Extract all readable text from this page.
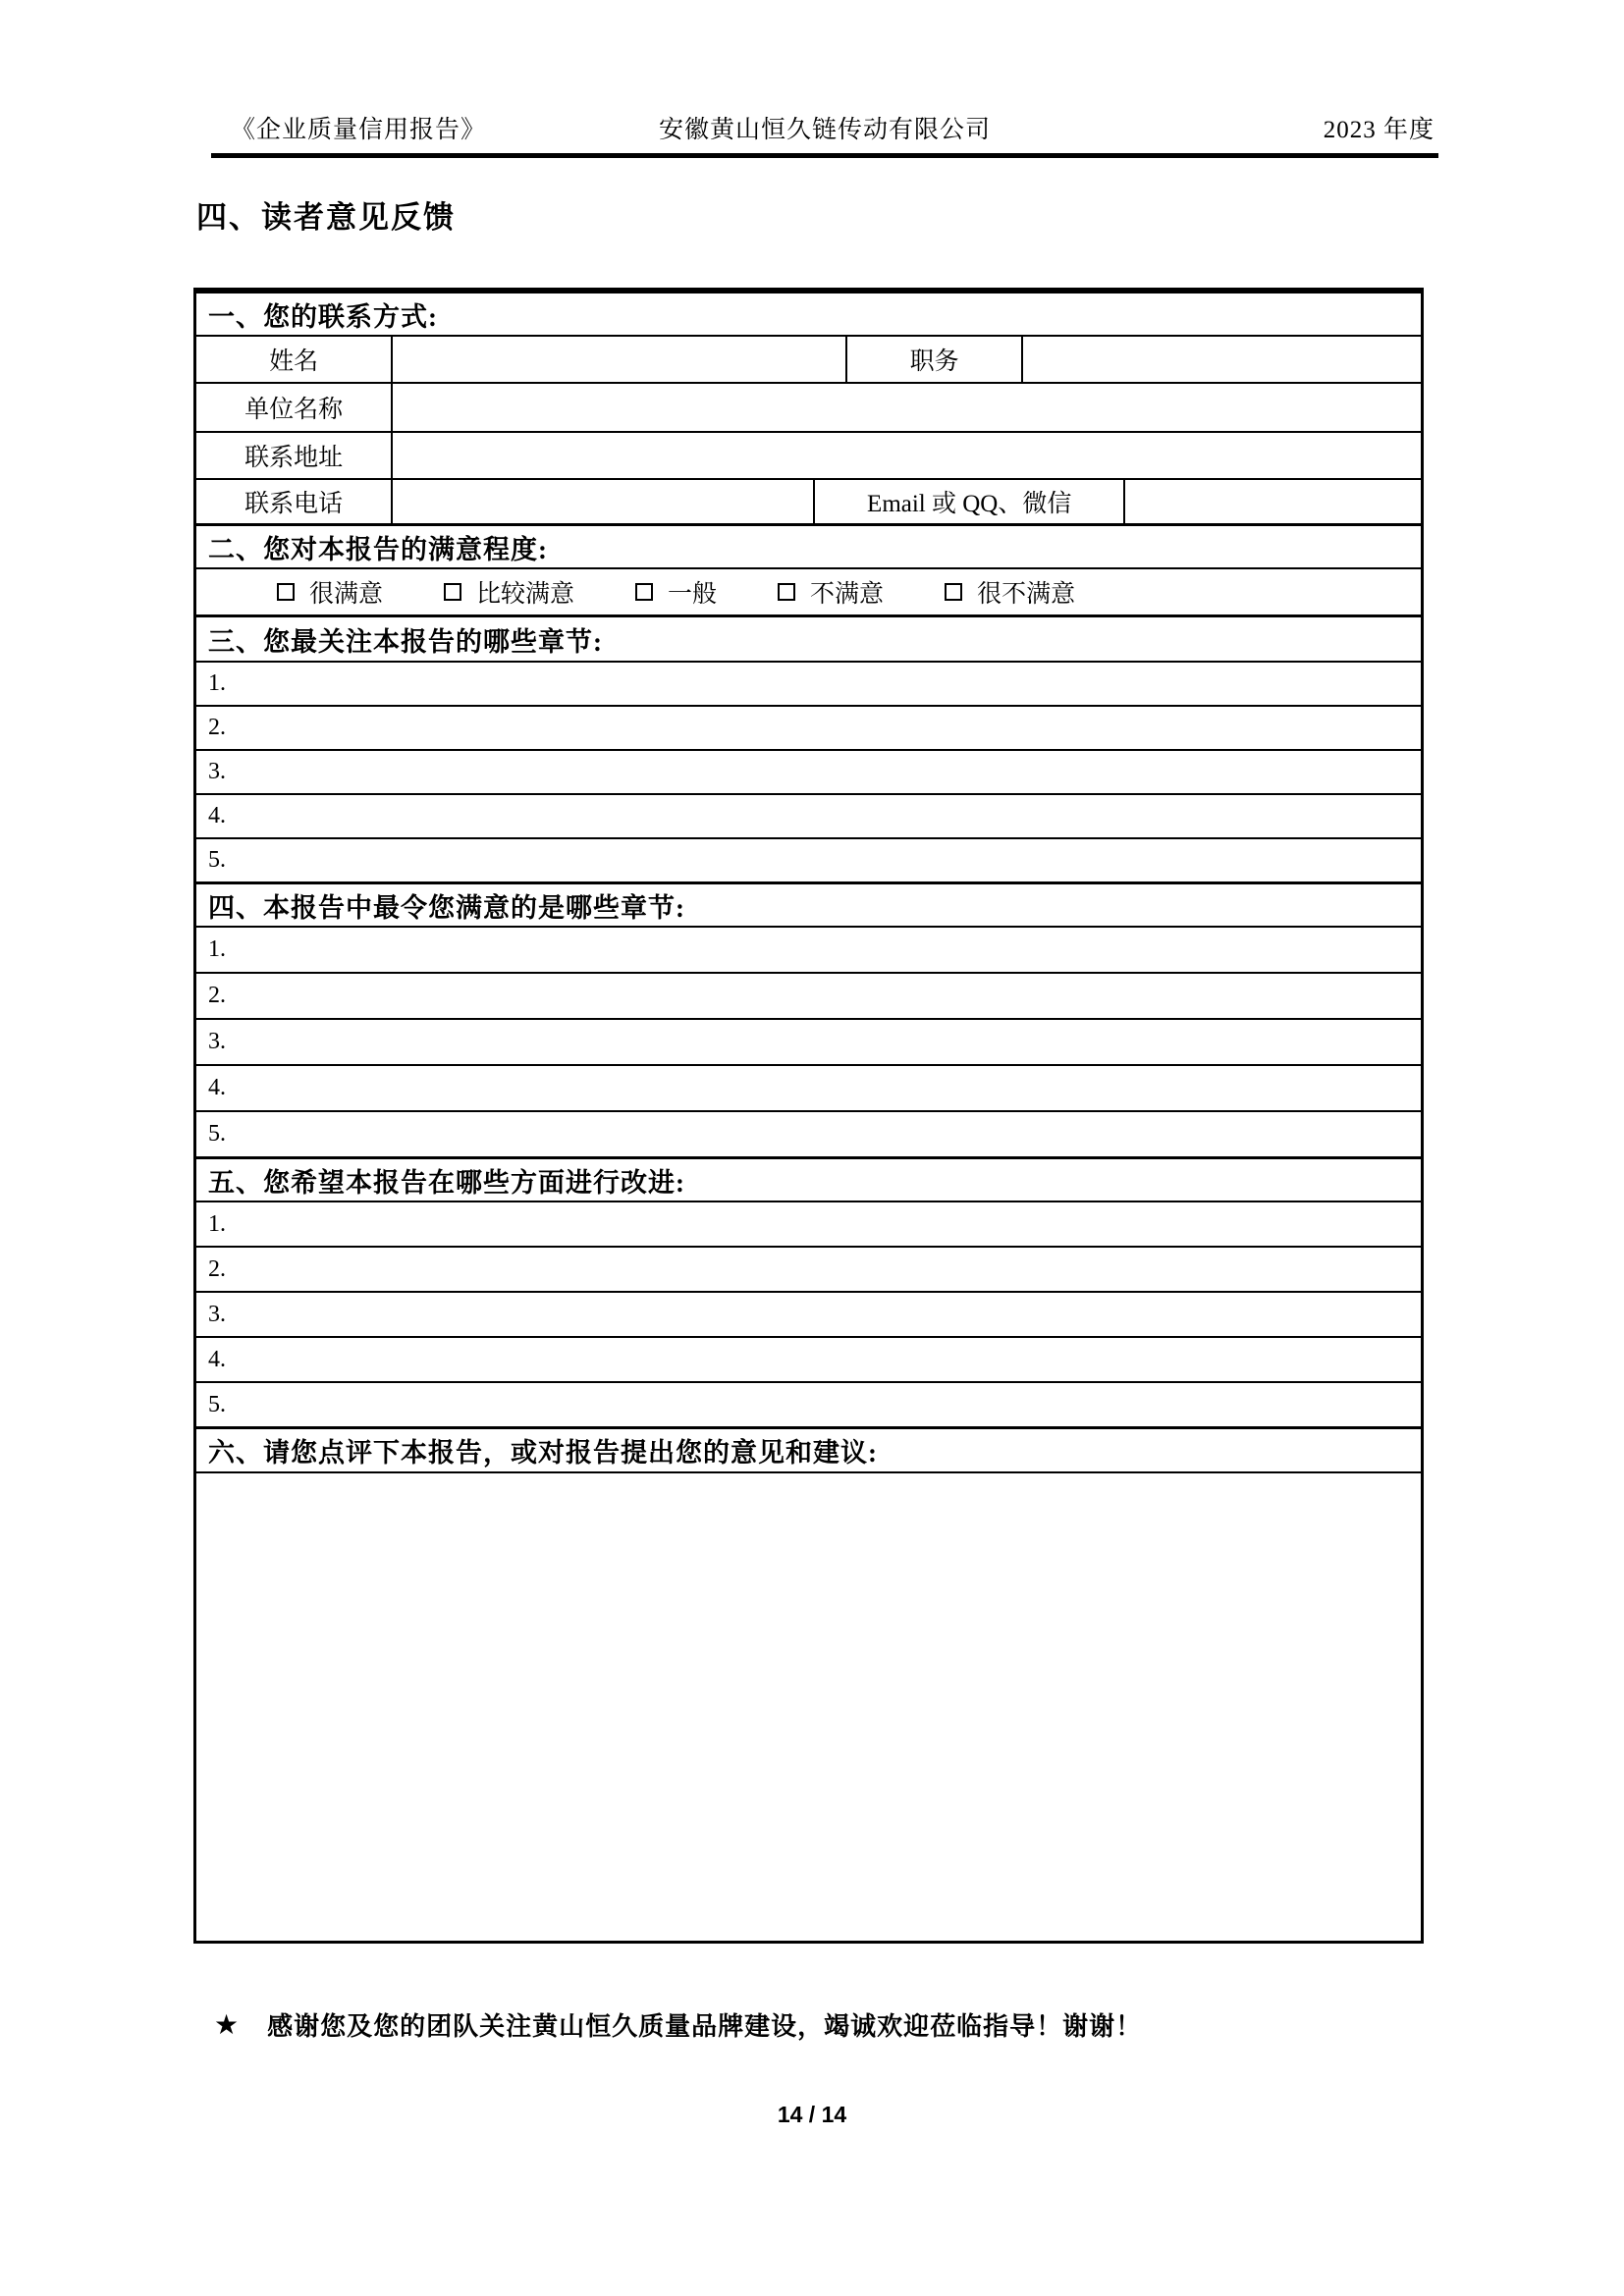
《企业质量信用报告》	安徽黄山恒久链传动有限公司	2023 年度
四、读者意见反馈
一、您的联系方式:
姓名	职务
单位名称
联系地址
联系电话	Email 或 QQ、微信
二、您对本报告的满意程度:
很满意	比较满意	一般	不满意	很不满意
三、您最关注本报告的哪些章节:
1.
2.
3.
4.
5.
四、本报告中最令您满意的是哪些章节:
1.
2.
3.
4.
5.
五、您希望本报告在哪些方面进行改进:
1.
2.
3.
4.
5.
六、请您点评下本报告，或对报告提出您的意见和建议:
★ 感谢您及您的团队关注黄山恒久质量品牌建设，竭诚欢迎莅临指导！谢谢！
14 / 14
